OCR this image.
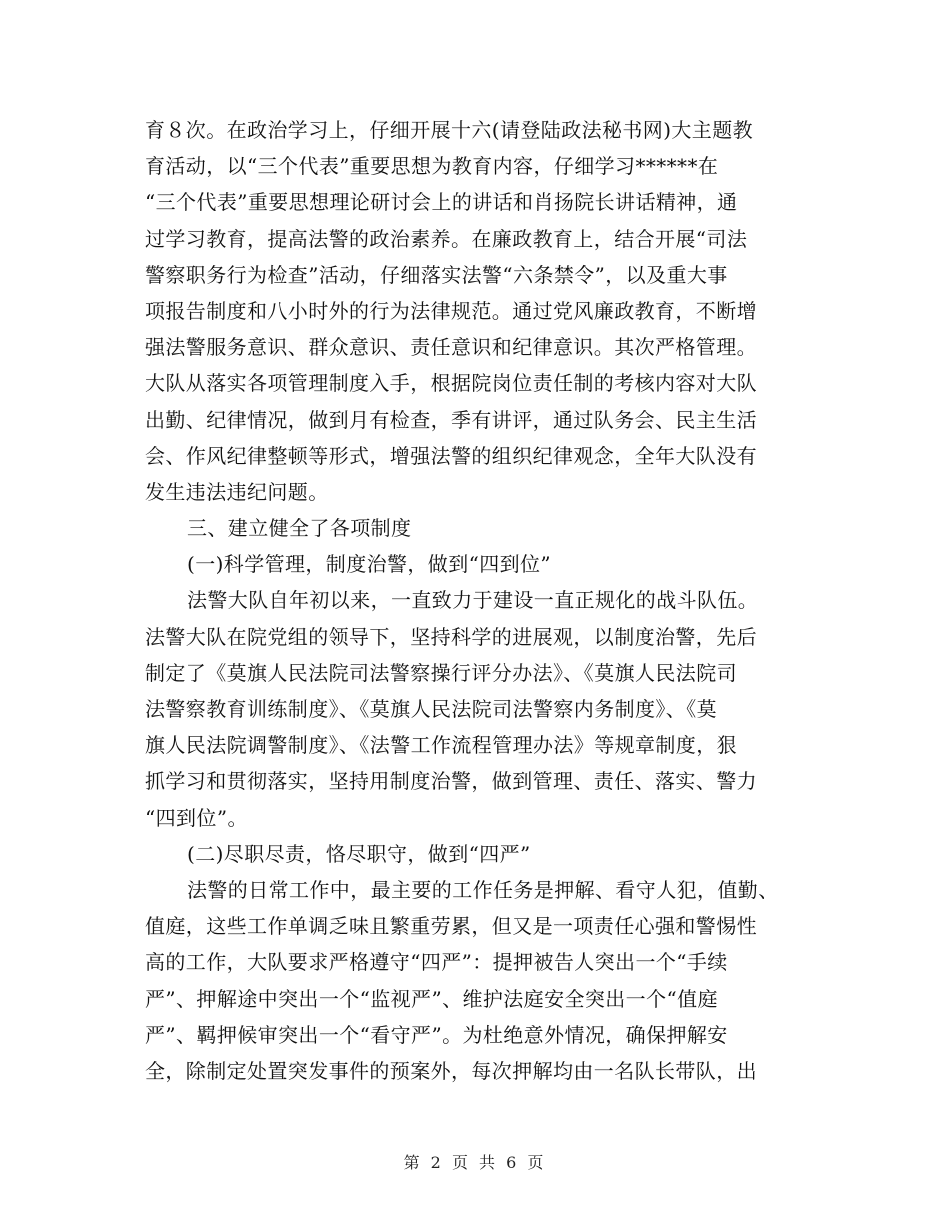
育８次。在政治学习上，仔细开展十六(请登陆政法秘书网)大主题教
育活动，以“三个代表”重要思想为教育内容，仔细学习******在
“三个代表”重要思想理论研讨会上的讲话和肖扬院长讲话精神，通
过学习教育，提高法警的政治素养。在廉政教育上，结合开展“司法
警察职务行为检查”活动，仔细落实法警“六条禁令”，以及重大事
项报告制度和八小时外的行为法律规范。通过党风廉政教育，不断增
强法警服务意识、群众意识、责任意识和纪律意识。其次严格管理。
大队从落实各项管理制度入手，根据院岗位责任制的考核内容对大队
出勤、纪律情况，做到月有检查，季有讲评，通过队务会、民主生活
会、作风纪律整顿等形式，增强法警的组织纪律观念，全年大队没有
发生违法违纪问题。
三、建立健全了各项制度
(一)科学管理，制度治警，做到“四到位”
法警大队自年初以来，一直致力于建设一直正规化的战斗队伍。
法警大队在院党组的领导下，坚持科学的进展观，以制度治警，先后
制定了《莫旗人民法院司法警察操行评分办法》、《莫旗人民法院司
法警察教育训练制度》、《莫旗人民法院司法警察内务制度》、《莫
旗人民法院调警制度》、《法警工作流程管理办法》等规章制度，狠
抓学习和贯彻落实，坚持用制度治警，做到管理、责任、落实、警力
“四到位”。
(二)尽职尽责，恪尽职守，做到“四严”
法警的日常工作中，最主要的工作任务是押解、看守人犯，值勤、
值庭，这些工作单调乏味且繁重劳累，但又是一项责任心强和警惕性
高的工作，大队要求严格遵守“四严”：提押被告人突出一个“手续
严”、押解途中突出一个“监视严”、维护法庭安全突出一个“值庭
严”、羁押候审突出一个“看守严”。为杜绝意外情况，确保押解安
全，除制定处置突发事件的预案外，每次押解均由一名队长带队，出
第 2 页 共 6 页
